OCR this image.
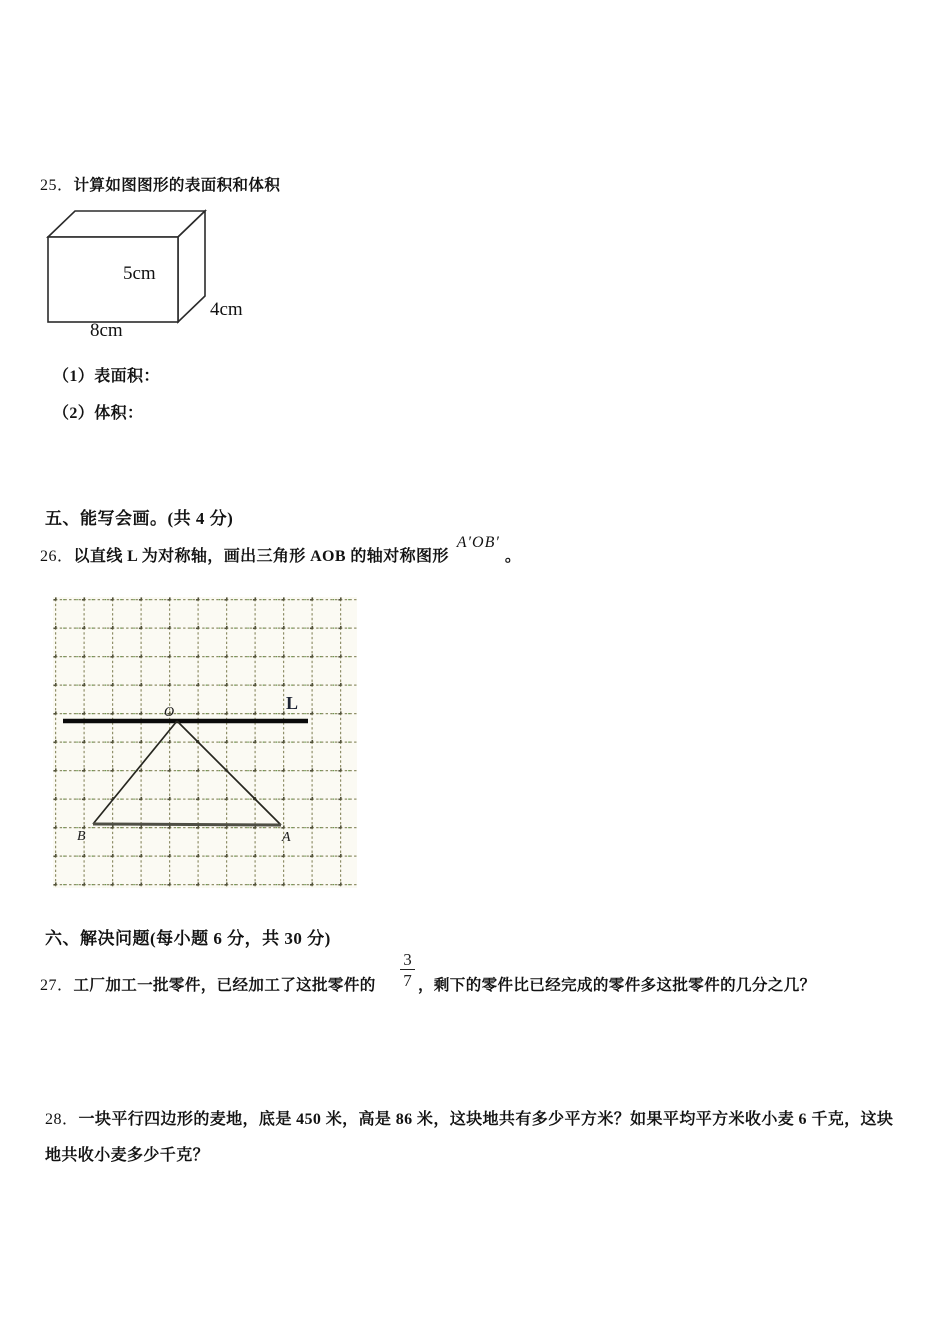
25．计算如图图形的表面积和体积
5cm
4cm
8cm
（1）表面积：
（2）体积：
五、能写会画。(共 4 分)
26．以直线 L 为对称轴，画出三角形 AOB 的轴对称图形A′OB′。
L
O
B	A
六、解决问题(每小题 6 分，共 30 分)
27．工厂加工一批零件，已经加工了这批零件的
3
7 ，剩下的零件比已经完成的零件多这批零件的几分之几？
28．一块平行四边形的麦地，底是 450 米，高是 86 米，这块地共有多少平方米？如果平均平方米收小麦 6 千克，这块
地共收小麦多少千克？
